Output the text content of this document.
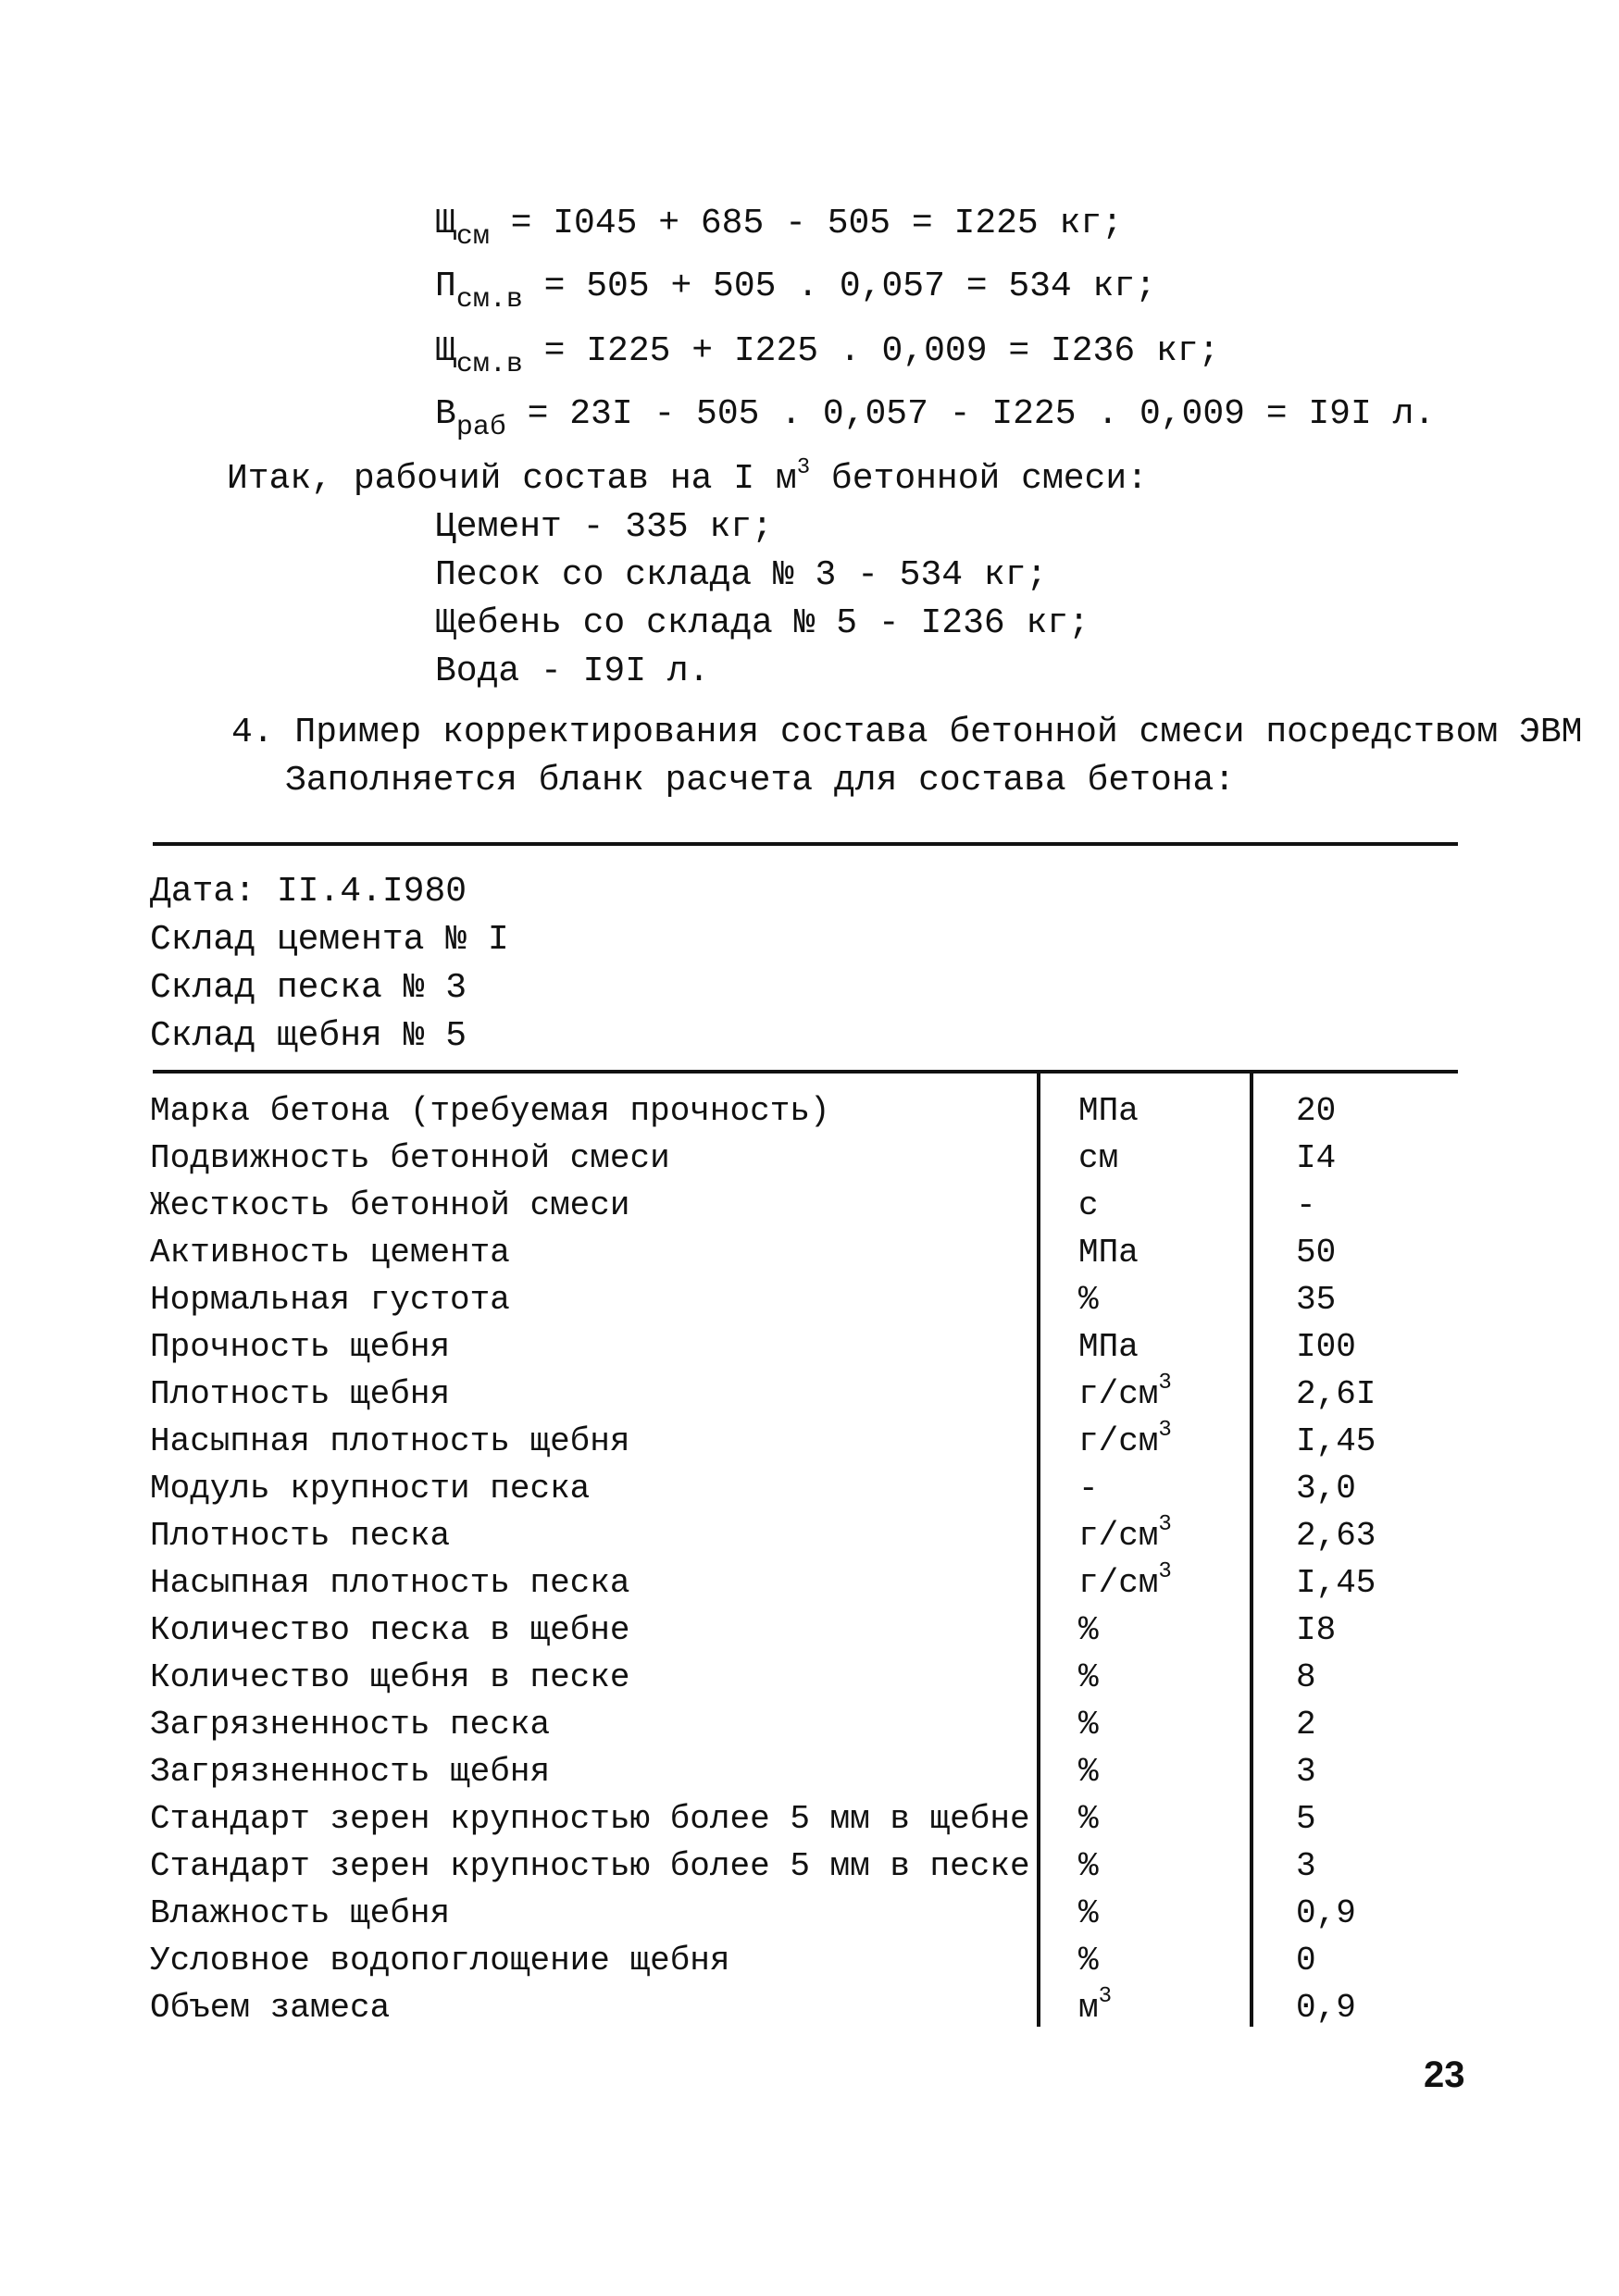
$Щ_{см} = I045 + 685 - 505 = I225$ кг;
$П_{см.в} = 505 + 505$ . 0,057 = 534 кг;
$Щ_{см.в} = I225 + I225$ . 0,009 = I236 кг;
$В_{раб} = 23I - 505$ . 0,057 - I225 . 0,009 = I9I л.
Итак, рабочий состав на I $м^3$ бетонной смеси:
Цемент - 335 кг;
Песок со склада № 3 - 534 кг;
Щебень со склада № 5 - I236 кг;
Вода - I9I л.
4. Пример корректирования состава бетонной смеси посредством ЭВМ
Заполняется бланк расчета для состава бетона:
Дата: II.4.I980
Склад цемента № I
Склад песка № 3
Склад щебня № 5
Марка бетона (требуемая прочность)	МПа	20
Подвижность бетонной смеси	см	I4
Жесткость бетонной смеси	с	-
Активность цемента	МПа	50
Нормальная густота	%	35
Прочность щебня	МПа	I00
Плотность щебня	$г/см^3$	2,6I
Насыпная плотность щебня	$г/см^3$	I,45
Модуль крупности песка	-	3,0
Плотность песка	$г/см^3$	2,63
Насыпная плотность песка	$г/см^3$	I,45
Количество песка в щебне	%	I8
Количество щебня в песке	%	8
Загрязненность песка	%	2
Загрязненность щебня	%	3
Стандарт зерен крупностью более 5 мм в щебне %	5
Стандарт зерен крупностью более 5 мм в песке %	3
Влажность щебня	%	0,9
Условное водопоглощение щебня	%	0
Объем замеса	$м^3$	0,9
23
